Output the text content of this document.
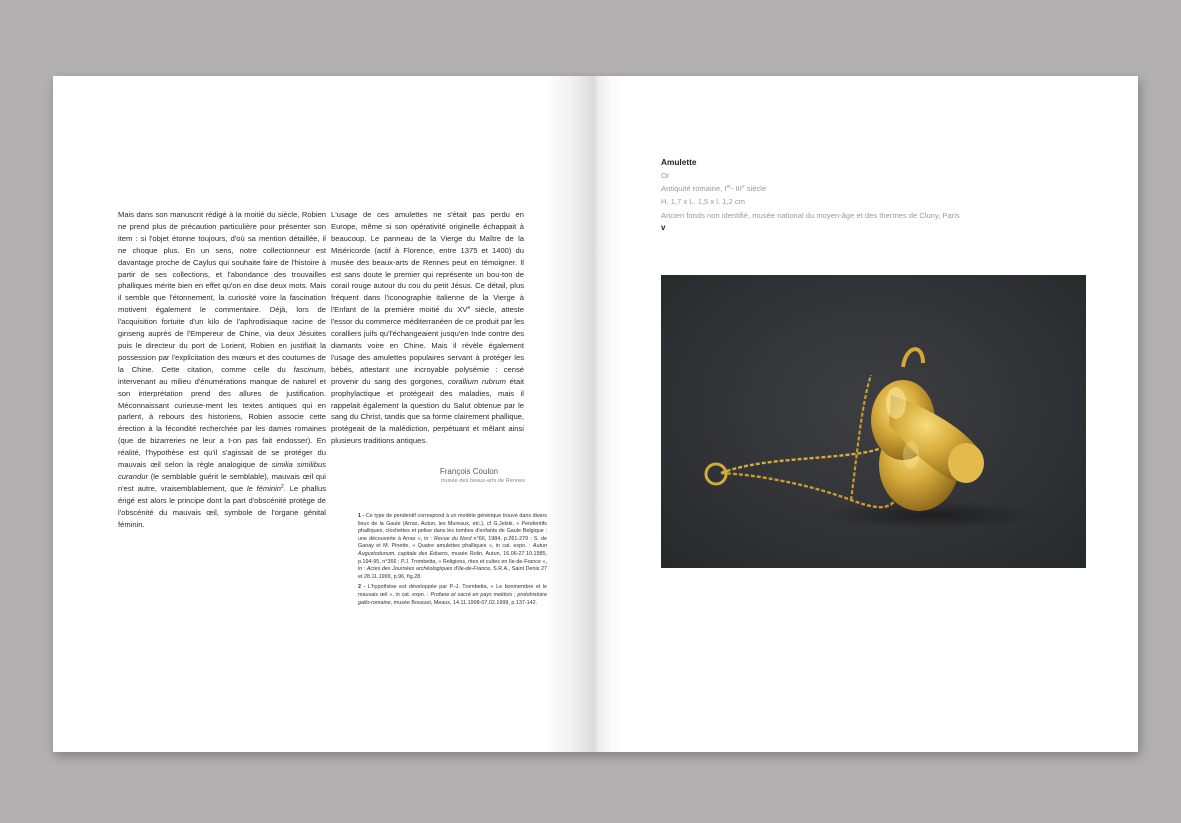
Mais dans son manuscrit rédigé à la moitié du siècle, Robien ne prend plus de précaution particulière pour présenter son item : si l'objet étonne toujours, d'où sa mention détaillée, il ne choque plus. En un sens, notre collectionneur est davantage proche de Caylus qui souhaite faire de l'histoire à partir de ses collections, et l'abondance des trouvailles phalliques mérite bien en effet qu'on en dise deux mots. Mais il semble que l'étonnement, la curiosité voire la fascination motivent également le commentaire. Déjà, lors de l'acquisition fortuite d'un kilo de l'aphrodisiaque racine de ginseng auprès de l'Empereur de Chine, via deux Jésuites puis le directeur du port de Lorient, Robien en justifiait la possession par l'explicitation des mœurs et des coutumes de la Chine. Cette citation, comme celle du fascinum, intervenant au milieu d'énumérations manque de naturel et son interprétation prend des allures de justification. Méconnaissant curieuse-ment les textes antiques qui en parlent, à rebours des historiens, Robien associe cette érection à la fécondité recherchée par les dames romaines (que de bizarreries ne leur a t-on pas fait endosser). En réalité, l'hypothèse est qu'il s'agissait de se protéger du mauvais œil selon la règle analogique de similia similibus curandur (le semblable guérit le semblable), mauvais œil qui n'est autre, vraisemblablement, que le féminin$^2$. Le phallus érigé est alors le principe dont la part d'obscénité protège de l'obscénité du mauvais œil, symbole de l'organe génital féminin.

L'usage de ces amulettes ne s'était pas perdu en Europe, même si son opérativité originelle échappait à beaucoup. Le panneau de la Vierge du Maître de la Miséricorde (actif à Florence, entre 1375 et 1400) du musée des beaux-arts de Rennes peut en témoigner. Il est sans doute le premier qui représente un bou-ton de corail rouge autour du cou du petit Jésus. Ce détail, plus fréquent dans l'iconographie italienne de la Vierge à l'Enfant de la première moitié du XVe siècle, atteste l'essor du commerce méditerranéen de ce produit par les coralliers juifs qu'l'échangeaient jusqu'en Inde contre des diamants voire en Chine. Mais il révèle également l'usage des amulettes populaires servant à protéger les bébés, attestant une incroyable polysémie : censé provenir du sang des gorgones, corallium rubrum était prophylactique et protégeait des maladies, mais il rappelait également la question du Salut obtenue par le sang du Christ, tandis que sa forme clairement phallique, protégeait de la malédiction, perpétuant et mêlant ainsi plusieurs traditions antiques.

François Coulon
musée des beaux-arts de Rennes

1 - Ce type de pendentif correspond à un modèle générique trouvé dans divers lieux de la Gaule (Arras, Autun, les Mureaux, etc.), cf G.Jelski, « Pendentifs phalliques, clochettes et pelise dans les tombes d'enfants de Gaule Belgique : une découverte à Arras », in : Revue du Nord n°66, 1984, p.261-279 ; S. de Ganay et M. Pinette, « Quatre amulettes phalliques », in cat. expo. : Autun Augustodunum, capitale des Éduens, musée Rolin, Autun, 16.06-27.10.1985, p.194-95, n°366 ; P.J. Trombetta, « Religions, rites et cultes en Ile-de-France », in : Actes des Journées archéologiques d'Ile-de-France, S.R.A., Saint Denis 27 et 28.11.1999, p.96, fig.28.

2 - L'hypothèse est développée par P.-J. Trombetta, « Le bonmembre et le mauvais œil », in cat. expo. : Profane et sacré en pays meldois ; protohistoire gallo-romaine, musée Bossuet, Meaux, 14.11.1998-07.02.1999, p.137-142.

Amulette
Or
Antiquité romaine, Ier- IIIe siècle
H. 1,7 x L. 1,5 x l. 1,2 cm
Ancien fonds non identifié, musée national du moyen-âge et des thermes de Cluny, Paris
v
